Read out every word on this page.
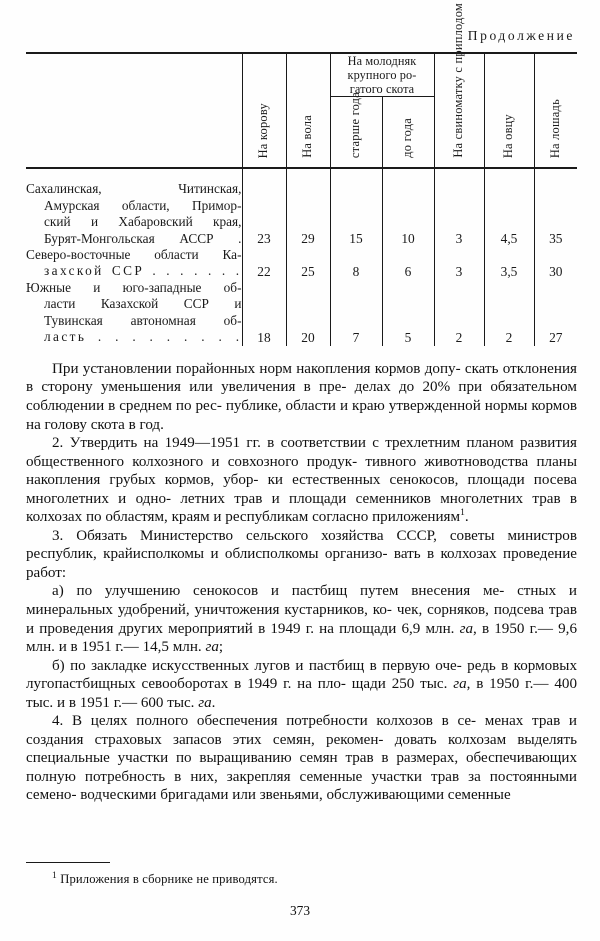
Продолжение

	На корову	На вола	На молодняк
крупного ро-
гатого скота		На свиноматку с приплодом	На овцу	На лошадь

			старше года	до года			

Сахалинская, Читинская,
Амурская области, Примор-
ский и Хабаровский края,
Бурят-Монгольская АССР .	23	29	15	10	3	4,5	35

Северо-восточные области Ка-
захской ССР . . . . . . .	22	25	8	6	3	3,5	30

Южные и юго-западные об-
ласти Казахской ССР и
Тувинская автономная об-
ласть . . . . . . . . .	18	20	7	5	2	2	27

При установлении порайонных норм накопления кормов допу- скать отклонения в сторону уменьшения или увеличения в пре- делах до 20% при обязательном соблюдении в среднем по рес- публике, области и краю утвержденной нормы кормов на голову скота в год.

2. Утвердить на 1949—1951 гг. в соответствии с трехлетним планом развития общественного колхозного и совхозного продук- тивного животноводства планы накопления грубых кормов, убор- ки естественных сенокосов, площади посева многолетних и одно- летних трав и площади семенников многолетних трав в колхозах по областям, краям и республикам согласно приложениям$^1$.

3. Обязать Министерство сельского хозяйства СССР, советы министров республик, крайисполкомы и облисполкомы организо- вать в колхозах проведение работ:

а) по улучшению сенокосов и пастбищ путем внесения ме- стных и минеральных удобрений, уничтожения кустарников, ко- чек, сорняков, подсева трав и проведения других мероприятий в 1949 г. на площади 6,9 млн. га, в 1950 г.— 9,6 млн. и в 1951 г.— 14,5 млн. га;

б) по закладке искусственных лугов и пастбищ в первую оче- редь в кормовых лугопастбищных севооборотах в 1949 г. на пло- щади 250 тыс. га, в 1950 г.— 400 тыс. и в 1951 г.— 600 тыс. га.

4. В целях полного обеспечения потребности колхозов в се- менах трав и создания страховых запасов этих семян, рекомен- довать колхозам выделять специальные участки по выращиванию семян трав в размерах, обеспечивающих полную потребность в них, закрепляя семенные участки трав за постоянными семено- водческими бригадами или звеньями, обслуживающими семенные

$^1$ Приложения в сборнике не приводятся.
373
